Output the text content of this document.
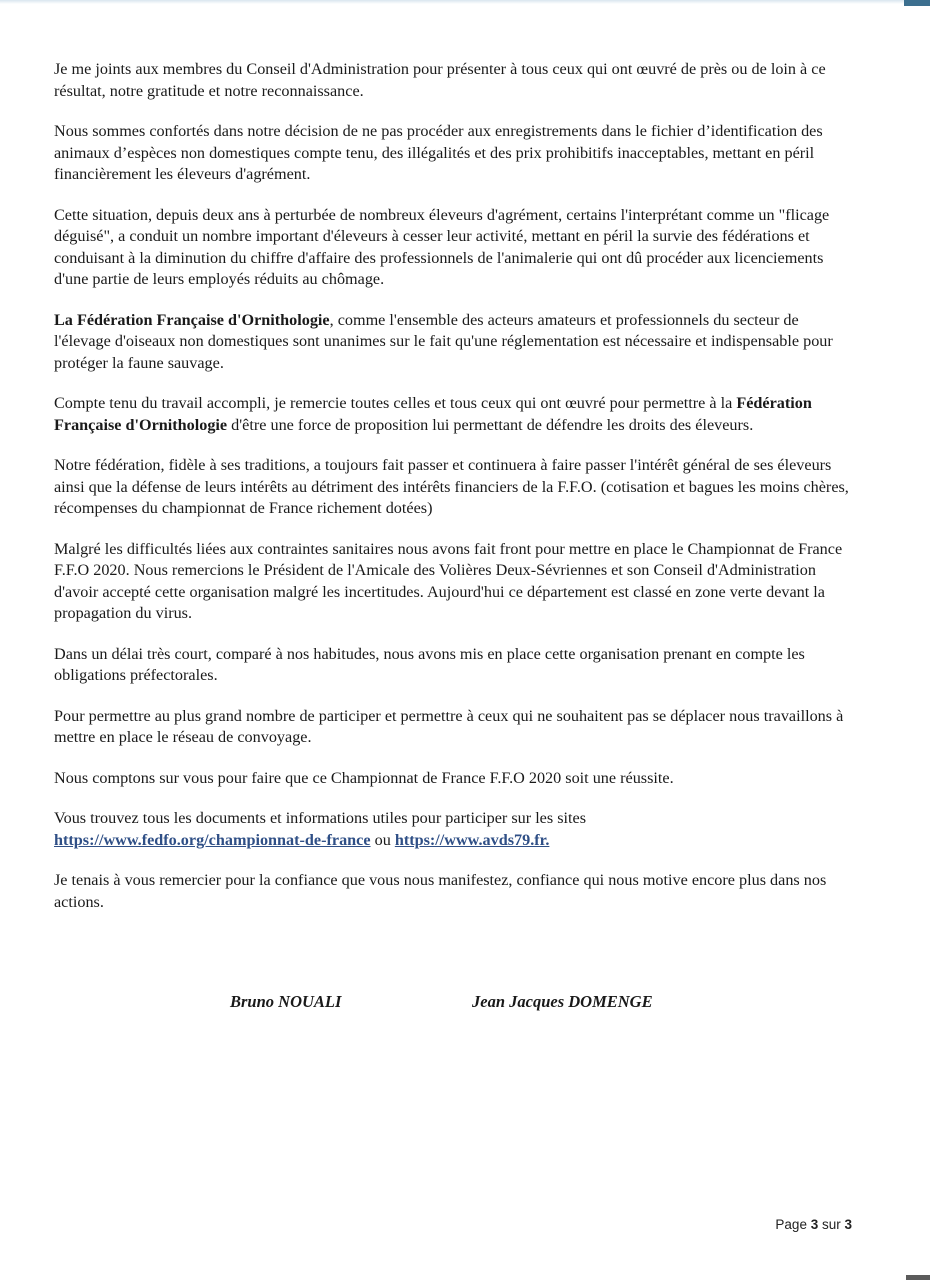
Je me joints aux membres du Conseil d'Administration pour présenter à tous ceux qui ont œuvré de près ou de loin à ce résultat, notre gratitude et notre reconnaissance.

Nous sommes confortés dans notre décision de ne pas procéder aux enregistrements dans le fichier d’identification des animaux d’espèces non domestiques compte tenu, des illégalités et des prix prohibitifs inacceptables, mettant en péril financièrement les éleveurs d'agrément.

Cette situation, depuis deux ans à perturbée de nombreux éleveurs d'agrément, certains l'interprétant comme un "flicage déguisé", a conduit un nombre important d'éleveurs à cesser leur activité, mettant en péril la survie des fédérations et conduisant à la diminution du chiffre d'affaire des professionnels de l'animalerie qui ont dû procéder aux licenciements d'une partie de leurs employés réduits au chômage.

La Fédération Française d'Ornithologie, comme l'ensemble des acteurs amateurs et professionnels du secteur de l'élevage d'oiseaux non domestiques sont unanimes sur le fait qu'une réglementation est nécessaire et indispensable pour protéger la faune sauvage.

Compte tenu du travail accompli, je remercie toutes celles et tous ceux qui ont œuvré pour permettre à la Fédération Française d'Ornithologie d'être une force de proposition lui permettant de défendre les droits des éleveurs.

Notre fédération, fidèle à ses traditions, a toujours fait passer et continuera à faire passer l'intérêt général de ses éleveurs ainsi que la défense de leurs intérêts au détriment des intérêts financiers de la F.F.O. (cotisation et bagues les moins chères, récompenses du championnat de France richement dotées)

Malgré les difficultés liées aux contraintes sanitaires nous avons fait front pour mettre en place le Championnat de France F.F.O 2020. Nous remercions le Président de l'Amicale des Volières Deux-Sévriennes et son Conseil d'Administration d'avoir accepté cette organisation malgré les incertitudes. Aujourd'hui ce département est classé en zone verte devant la propagation du virus.

Dans un délai très court, comparé à nos habitudes, nous avons mis en place cette organisation prenant en compte les obligations préfectorales.

Pour permettre au plus grand nombre de participer et permettre à ceux qui ne souhaitent pas se déplacer nous travaillons à mettre en place le réseau de convoyage.

Nous comptons sur vous pour faire que ce Championnat de France F.F.O 2020 soit une réussite.

Vous trouvez tous les documents et informations utiles pour participer sur les sites
https://www.fedfo.org/championnat-de-france ou https://www.avds79.fr.

Je tenais à vous remercier pour la confiance que vous nous manifestez, confiance qui nous motive encore plus dans nos actions.

Bruno NOUALI	Jean Jacques DOMENGE
Page 3 sur 3
